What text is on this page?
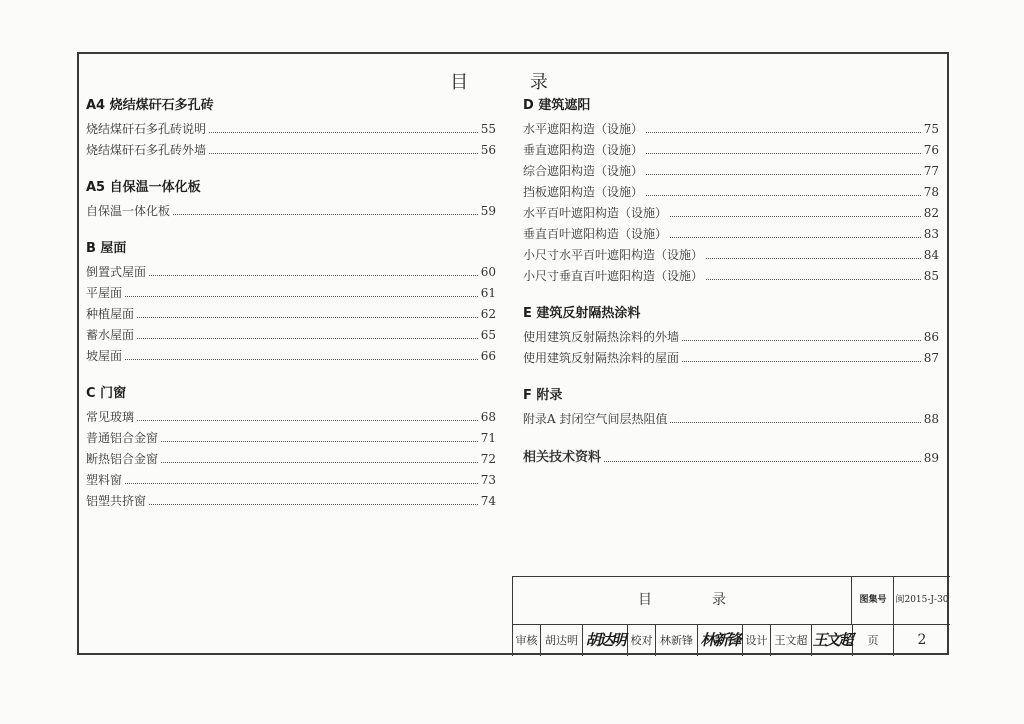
目 录
A4 烧结煤矸石多孔砖
烧结煤矸石多孔砖说明	55
烧结煤矸石多孔砖外墙	56
A5 自保温一体化板
自保温一体化板	59
B 屋面
倒置式屋面	60
平屋面	61
种植屋面	62
蓄水屋面	65
坡屋面	66
C 门窗
常见玻璃	68
普通铝合金窗	71
断热铝合金窗	72
塑料窗	73
铝塑共挤窗	74
D 建筑遮阳
水平遮阳构造（设施）	75
垂直遮阳构造（设施）	76
综合遮阳构造（设施）	77
挡板遮阳构造（设施）	78
水平百叶遮阳构造（设施）	82
垂直百叶遮阳构造（设施）	83
小尺寸水平百叶遮阳构造（设施）	84
小尺寸垂直百叶遮阳构造（设施）	85
E 建筑反射隔热涂料
使用建筑反射隔热涂料的外墙	86
使用建筑反射隔热涂料的屋面	87
F 附录
附录A 封闭空气间层热阻值	88
相关技术资料	89
目录	图集号 闽2015-J-30
审核 胡达明 胡达明 校对 林新锋 林新锋 设计 王文超 王文超	页	2
